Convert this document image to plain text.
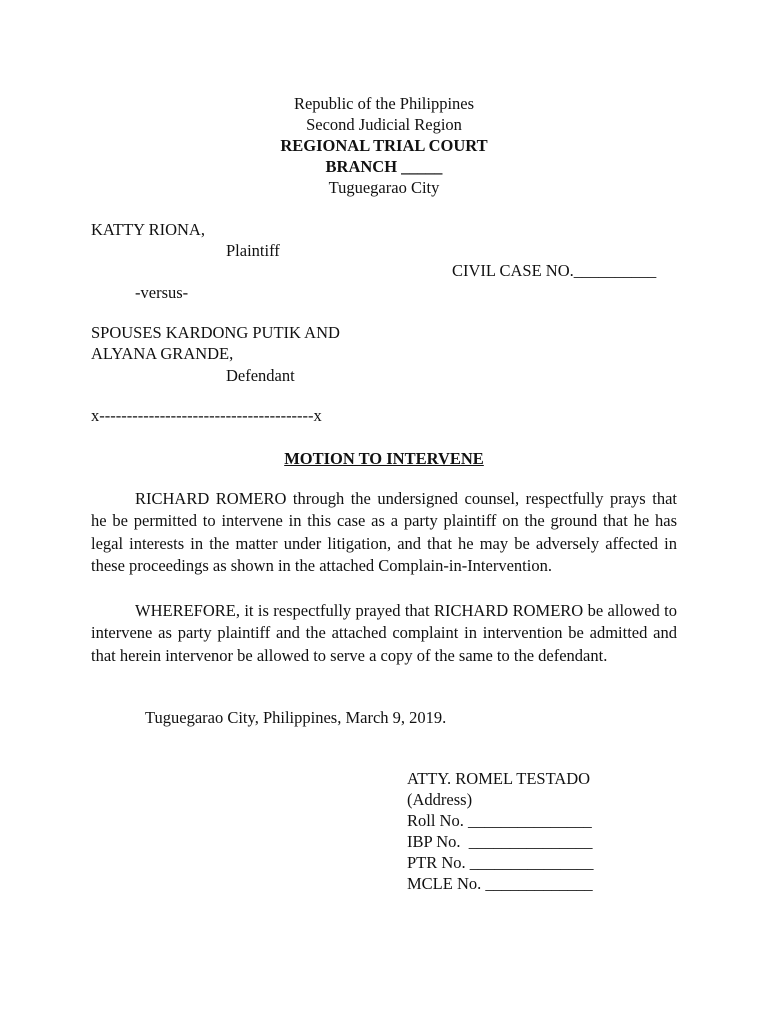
Republic of the Philippines
Second Judicial Region
REGIONAL TRIAL COURT
BRANCH _____
Tuguegarao City
KATTY RIONA,
Plaintiff
CIVIL CASE NO.__________
-versus-
SPOUSES KARDONG PUTIK AND
ALYANA GRANDE,
Defendant
x---------------------------------------x
MOTION TO INTERVENE
RICHARD ROMERO through the undersigned counsel, respectfully prays that he be permitted to intervene in this case as a party plaintiff on the ground that he has legal interests in the matter under litigation, and that he may be adversely affected in these proceedings as shown in the attached Complain-in-Intervention.
WHEREFORE, it is respectfully prayed that RICHARD ROMERO be allowed to intervene as party plaintiff and the attached complaint in intervention be admitted and that herein intervenor be allowed to serve a copy of the same to the defendant.
Tuguegarao City, Philippines, March 9, 2019.
ATTY. ROMEL TESTADO
(Address)
Roll No. _______________
IBP No.  _______________
PTR No. _______________
MCLE No. _____________
